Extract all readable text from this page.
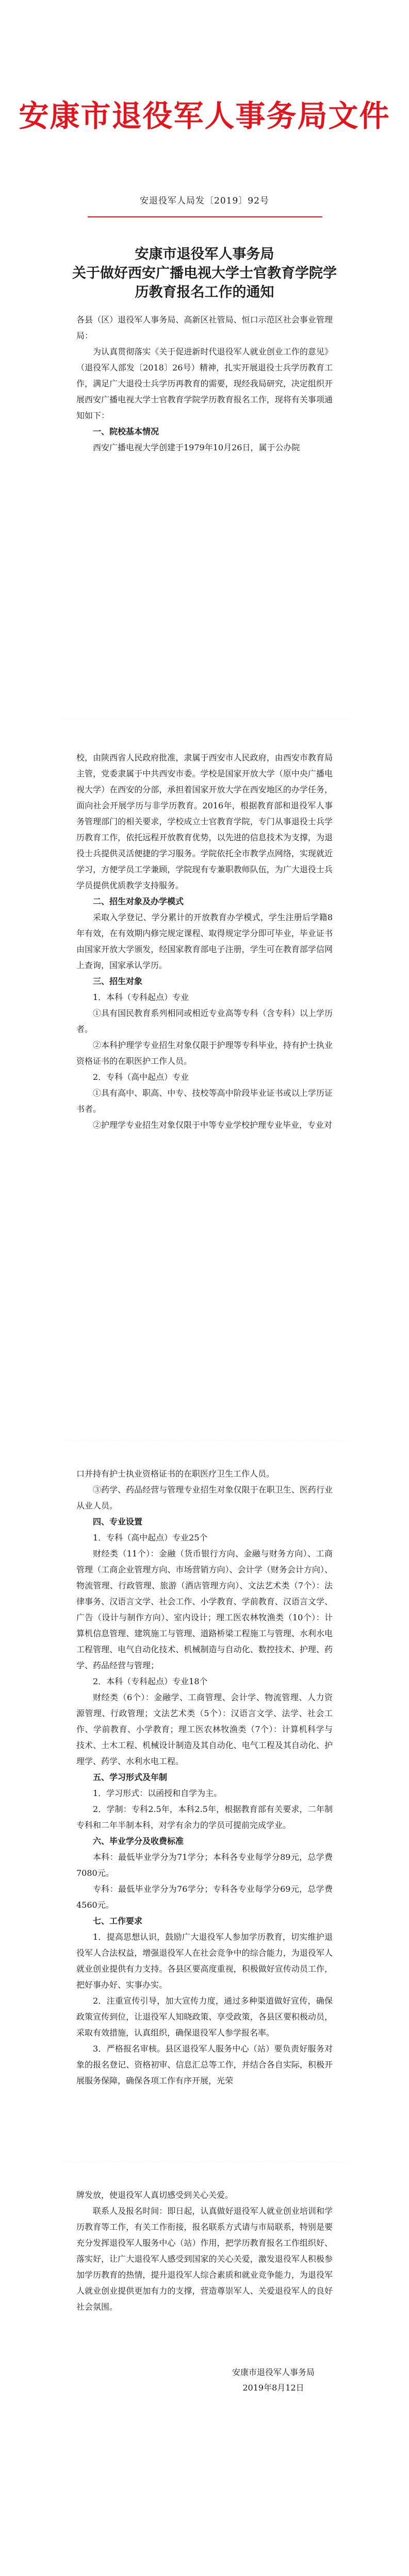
安康市退役军人事务局文件
安退役军人局发〔2019〕92号
安康市退役军人事务局
关于做好西安广播电视大学士官教育学院学
历教育报名工作的通知

各县（区）退役军人事务局、高新区社管局、恒口示范区社会事业管理局：

为认真贯彻落实《关于促进新时代退役军人就业创业工作的意见》（退役军人部发〔2018〕26号）精神，扎实开展退役士兵学历教育工作，满足广大退役士兵学历再教育的需要，现经我局研究，决定组织开展西安广播电视大学士官教育学院学历教育报名工作，现将有关事项通知如下：

一、院校基本情况

西安广播电视大学创建于1979年10月26日，属于公办院

校，由陕西省人民政府批准，隶属于西安市人民政府，由西安市教育局主管，党委隶属于中共西安市委。学校是国家开放大学（原中央广播电视大学）在西安的分部，承担着国家开放大学在西安地区的办学任务，面向社会开展学历与非学历教育。2016年，根据教育部和退役军人事务管理部门的相关要求，学校成立士官教育学院，专门从事退役士兵学历教育工作，依托远程开放教育优势，以先进的信息技术为支撑，为退役士兵提供灵活便捷的学习服务。学院依托全市教学点网络，实现就近学习，方便学员工学兼顾，学院现有专兼职教师队伍，为广大退役士兵学员提供优质教学支持服务。

二、招生对象及办学模式

采取入学登记、学分累计的开放教育办学模式，学生注册后学籍8年有效，在有效期内修完规定课程、取得规定学分即可毕业，毕业证书由国家开放大学颁发，经国家教育部电子注册，学生可在教育部学信网上查询，国家承认学历。

三、招生对象

1．本科（专科起点）专业

①具有国民教育系列相同或相近专业高等专科（含专科）以上学历者。

②本科护理学专业招生对象仅限于护理等专科毕业，持有护士执业资格证书的在职医护工作人员。

2．专科（高中起点）专业

①具有高中、职高、中专、技校等高中阶段毕业证书或以上学历证书者。

②护理学专业招生对象仅限于中等专业学校护理专业毕业，专业对

口并持有护士执业资格证书的在职医疗卫生工作人员。

③药学、药品经营与管理专业招生对象仅限于在职卫生、医药行业从业人员。

四、专业设置

1．专科（高中起点）专业25个

财经类（11个）：金融（货币银行方向、金融与财务方向）、工商管理（工商企业管理方向、市场营销方向）、会计学（财务会计方向）、物流管理、行政管理、旅游（酒店管理方向）、文法艺术类（7个）：法律事务、汉语言文学、社会工作、小学教育、学前教育、汉语言文学、广告（设计与制作方向）、室内设计；理工医农林牧渔类（10个）：计算机信息管理、建筑施工与管理、道路桥梁工程施工与管理、水利水电工程管理、电气自动化技术、机械制造与自动化、数控技术、护理、药学、药品经营与管理；

2．本科（专科起点）专业18个

财经类（6个）：金融学、工商管理、会计学、物流管理、人力资源管理、行政管理；文法艺术类（5个）：汉语言文学、法学、社会工作、学前教育、小学教育；理工医农林牧渔类（7个）：计算机科学与技术、土木工程、机械设计制造及其自动化、电气工程及其自动化、护理学、药学、水利水电工程。

五、学习形式及年制

1．学习形式：以函授和自学为主。

2．学制：专科2.5年，本科2.5年，根据教育部有关要求，二年制专科和二年半制本科，对学有余力的学员可提前完成学业。

六、毕业学分及收费标准

本科：最低毕业学分为71学分；本科各专业每学分89元，总学费7080元。

专科：最低毕业学分为76学分；专科各专业每学分69元，总学费4560元。

七、工作要求

1．提高思想认识，鼓励广大退役军人参加学历教育，切实维护退役军人合法权益，增强退役军人在社会竞争中的综合能力，为退役军人就业创业提供有力支持。各县区要高度重视，积极做好宣传动员工作，把好事办好、实事办实。

2．注重宣传引导，加大宣传力度，通过多种渠道做好宣传，确保政策宣传到位，让退役军人知晓政策、享受政策，各县区要积极动员，采取有效措施，认真组织，确保退役军人参学报名率。

3．严格报名审核。县区退役军人服务中心（站）要负责好服务对象的报名登记、资格初审、信息汇总等工作，并结合各自实际，积极开展服务保障，确保各项工作有序开展，光荣

牌发放，使退役军人真切感受到关心关爱。

联系人及报名时间：即日起，认真做好退役军人就业创业培训和学历教育等工作，有关工作衔接，报名联系方式请与市局联系，特别是要充分发挥退役军人服务中心（站）作用，把学历教育报名工作组织好、落实好，让广大退役军人感受到国家的关心关爱，激发退役军人积极参加学历教育的热情，提升退役军人综合素质和就业竞争能力，为退役军人就业创业提供更加有力的支撑，营造尊崇军人、关爱退役军人的良好社会氛围。

安康市退役军人事务局
2019年8月12日
